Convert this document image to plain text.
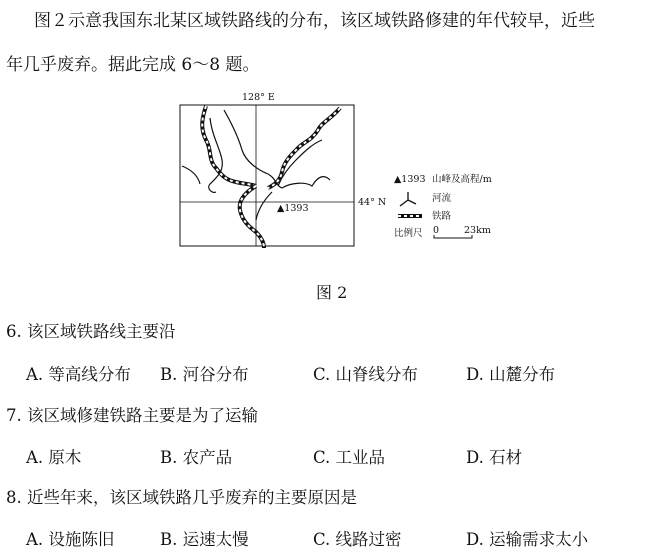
图２示意我国东北某区域铁路线的分布，该区域铁路修建的年代较早，近些
年几乎废弃。据此完成 6～8 题。
128° E
44° N
▲1393
▲1393 山峰及高程/m
河流
铁路
比例尺 0	23km
图 2
6. 该区域铁路线主要沿
A. 等高线分布 B. 河谷分布	C. 山脊线分布	D. 山麓分布
7. 该区域修建铁路主要是为了运输
A. 原木	B. 农产品	C. 工业品	D. 石材
8. 近些年来，该区域铁路几乎废弃的主要原因是
A. 设施陈旧	B. 运速太慢	C. 线路过密	D. 运输需求太小
